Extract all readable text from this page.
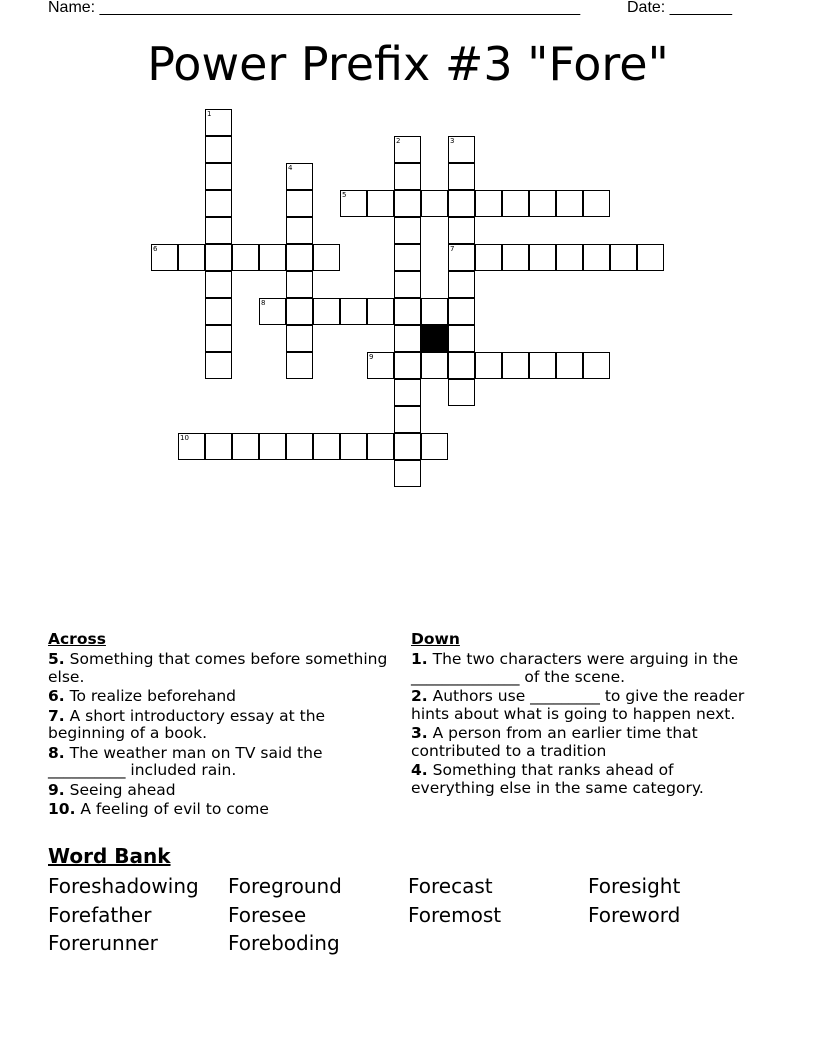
Name: ______________________________________________________	Date: _______
Power Prefix #3 "Fore"
1
2	3
4
5
6	7
8
9
10
Across
5. Something that comes before something else.
6. To realize beforehand
7. A short introductory essay at the beginning of a book.
8. The weather man on TV said the __________ included rain.
9. Seeing ahead
10. A feeling of evil to come
Down
1. The two characters were arguing in the ______________ of the scene.
2. Authors use _________ to give the reader hints about what is going to happen next.
3. A person from an earlier time that contributed to a tradition
4. Something that ranks ahead of everything else in the same category.
Word Bank
Foreshadowing Foreground	Forecast	Foresight
Forefather	Foresee	Foremost	Foreword
Forerunner	Foreboding
